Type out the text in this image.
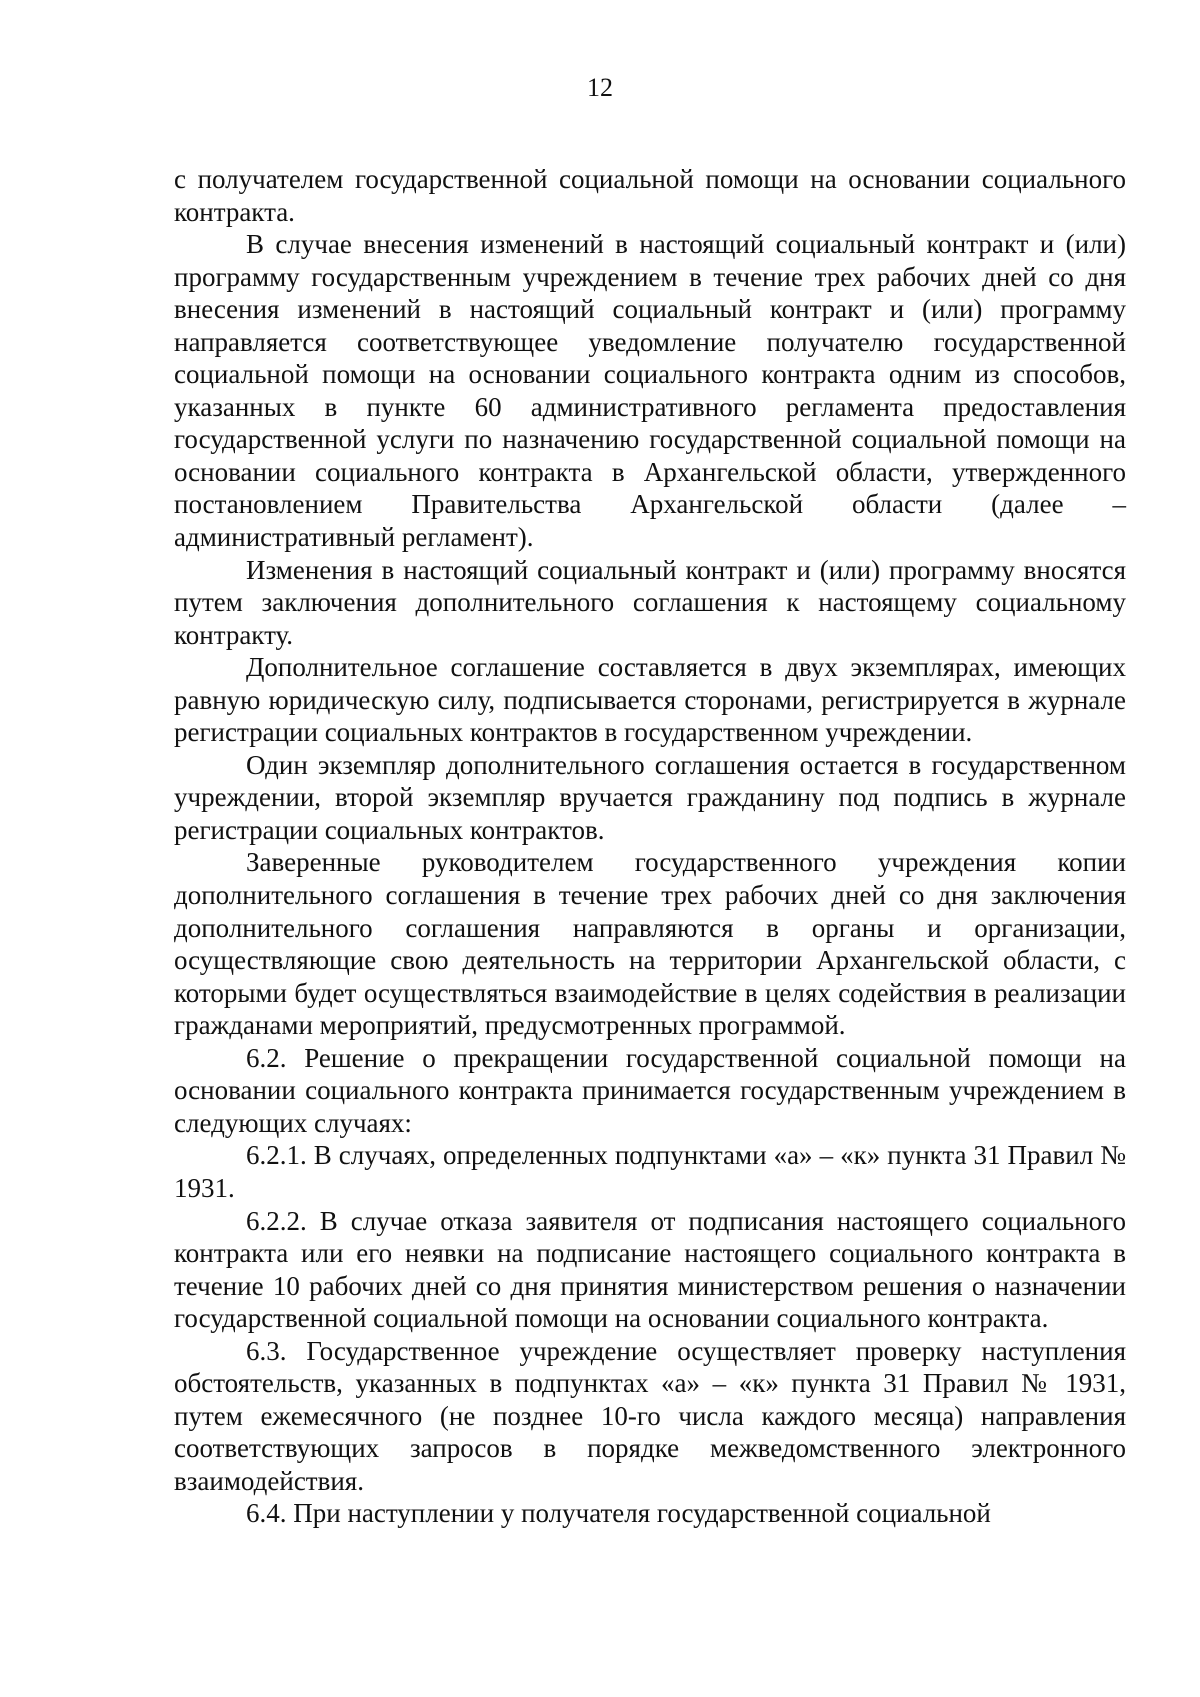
12

с получателем государственной социальной помощи на основании социального контракта.

В случае внесения изменений в настоящий социальный контракт и (или) программу государственным учреждением в течение трех рабочих дней со дня внесения изменений в настоящий социальный контракт и (или) программу направляется соответствующее уведомление получателю государственной социальной помощи на основании социального контракта одним из способов, указанных в пункте 60 административного регламента предоставления государственной услуги по назначению государственной социальной помощи на основании социального контракта в Архангельской области, утвержденного постановлением Правительства Архангельской области (далее – административный регламент).

Изменения в настоящий социальный контракт и (или) программу вносятся путем заключения дополнительного соглашения к настоящему социальному контракту.

Дополнительное соглашение составляется в двух экземплярах, имеющих равную юридическую силу, подписывается сторонами, регистрируется в журнале регистрации социальных контрактов в государственном учреждении.

Один экземпляр дополнительного соглашения остается в государственном учреждении, второй экземпляр вручается гражданину под подпись в журнале регистрации социальных контрактов.

Заверенные руководителем государственного учреждения копии дополнительного соглашения в течение трех рабочих дней со дня заключения дополнительного соглашения направляются в органы и организации, осуществляющие свою деятельность на территории Архангельской области, с которыми будет осуществляться взаимодействие в целях содействия в реализации гражданами мероприятий, предусмотренных программой.

6.2. Решение о прекращении государственной социальной помощи на основании социального контракта принимается государственным учреждением в следующих случаях:

6.2.1. В случаях, определенных подпунктами «а» – «к» пункта 31 Правил № 1931.

6.2.2. В случае отказа заявителя от подписания настоящего социального контракта или его неявки на подписание настоящего социального контракта в течение 10 рабочих дней со дня принятия министерством решения о назначении государственной социальной помощи на основании социального контракта.

6.3. Государственное учреждение осуществляет проверку наступления обстоятельств, указанных в подпунктах «а» – «к» пункта 31 Правил № 1931, путем ежемесячного (не позднее 10-го числа каждого месяца) направления соответствующих запросов в порядке межведомственного электронного взаимодействия.

6.4. При наступлении у получателя государственной социальной
